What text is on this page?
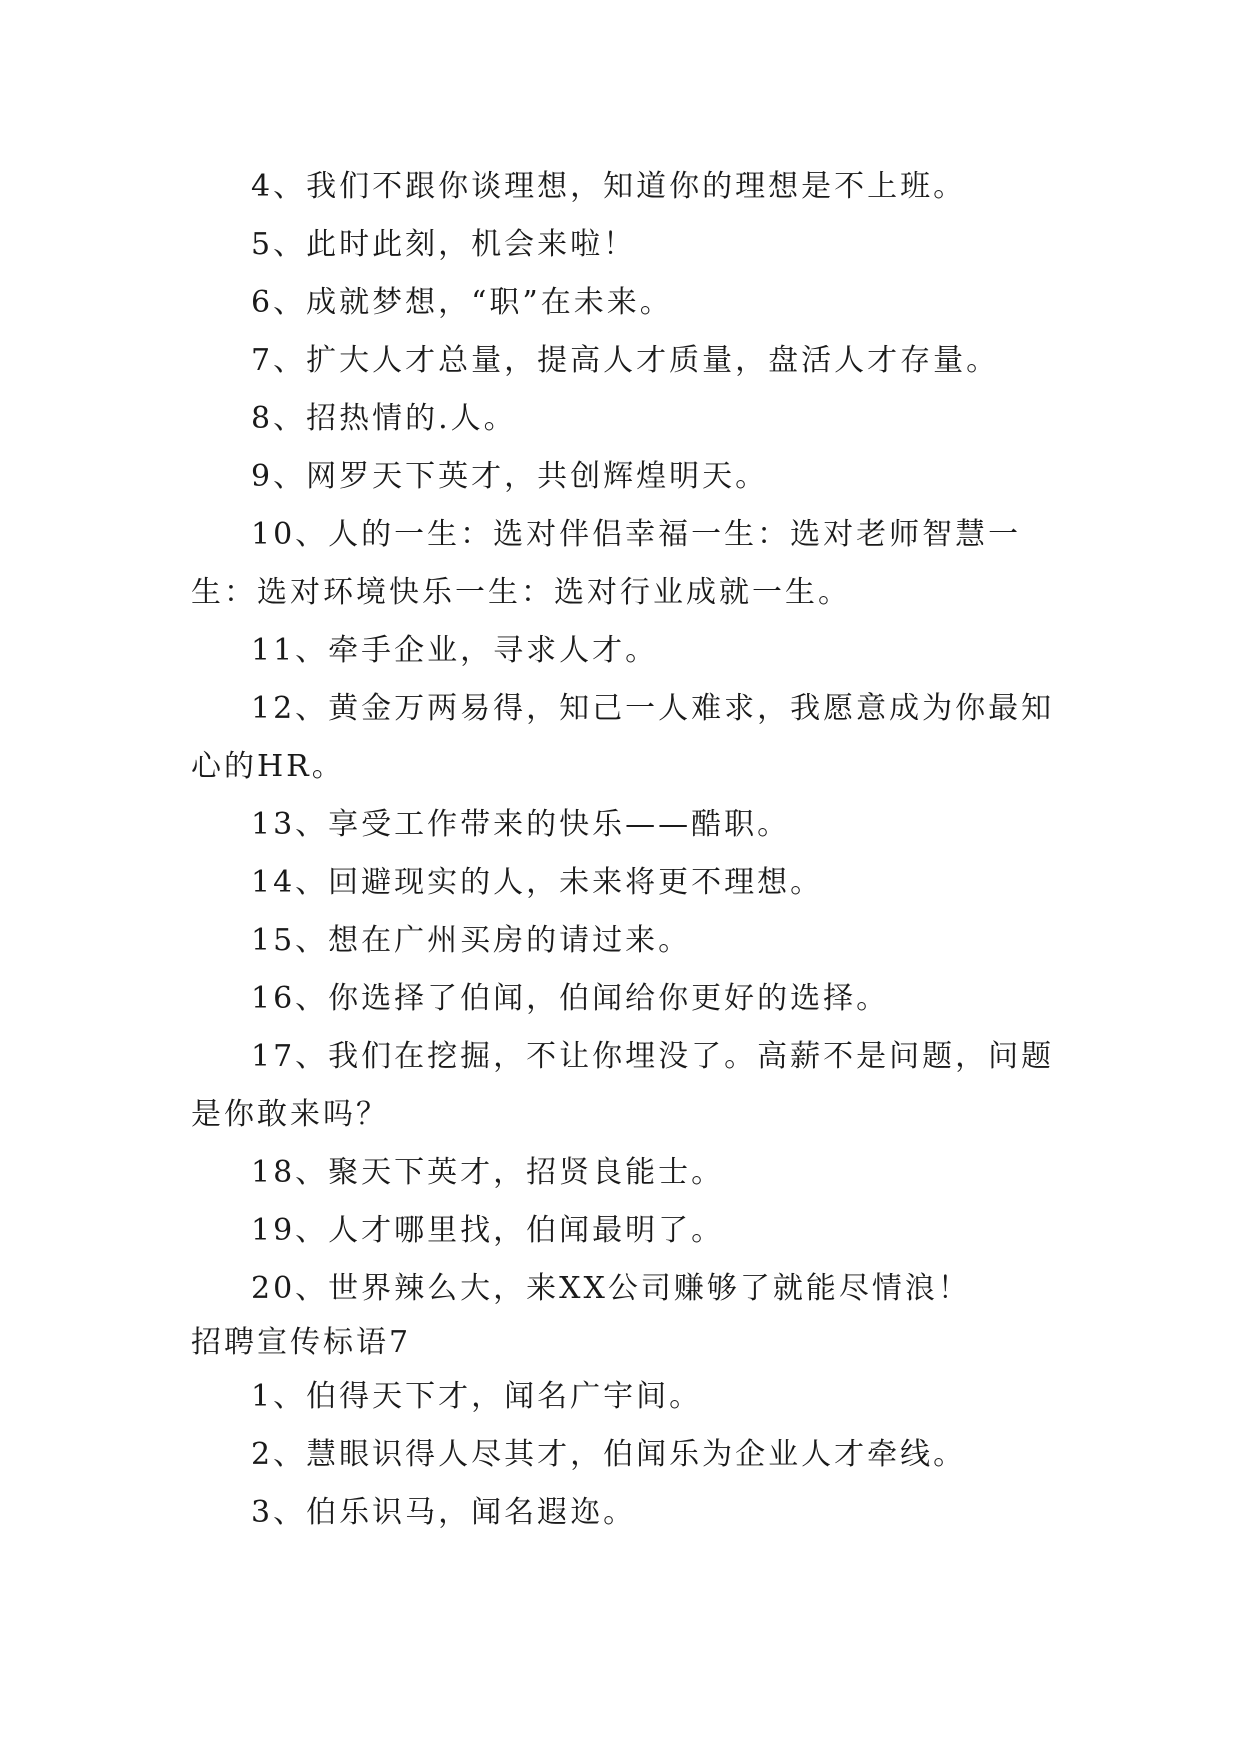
4、我们不跟你谈理想，知道你的理想是不上班。

5、此时此刻，机会来啦！

6、成就梦想，“职”在未来。

7、扩大人才总量，提高人才质量，盘活人才存量。

8、招热情的.人。

9、网罗天下英才，共创辉煌明天。

10、人的一生：选对伴侣幸福一生：选对老师智慧一生：选对环境快乐一生：选对行业成就一生。

11、牵手企业，寻求人才。

12、黄金万两易得，知己一人难求，我愿意成为你最知心的HR。

13、享受工作带来的快乐——酷职。

14、回避现实的人，未来将更不理想。

15、想在广州买房的请过来。

16、你选择了伯闻，伯闻给你更好的选择。

17、我们在挖掘，不让你埋没了。高薪不是问题，问题是你敢来吗？

18、聚天下英才，招贤良能士。

19、人才哪里找，伯闻最明了。

20、世界辣么大，来XX公司赚够了就能尽情浪！

招聘宣传标语7

1、伯得天下才，闻名广宇间。

2、慧眼识得人尽其才，伯闻乐为企业人才牵线。

3、伯乐识马，闻名遐迩。
